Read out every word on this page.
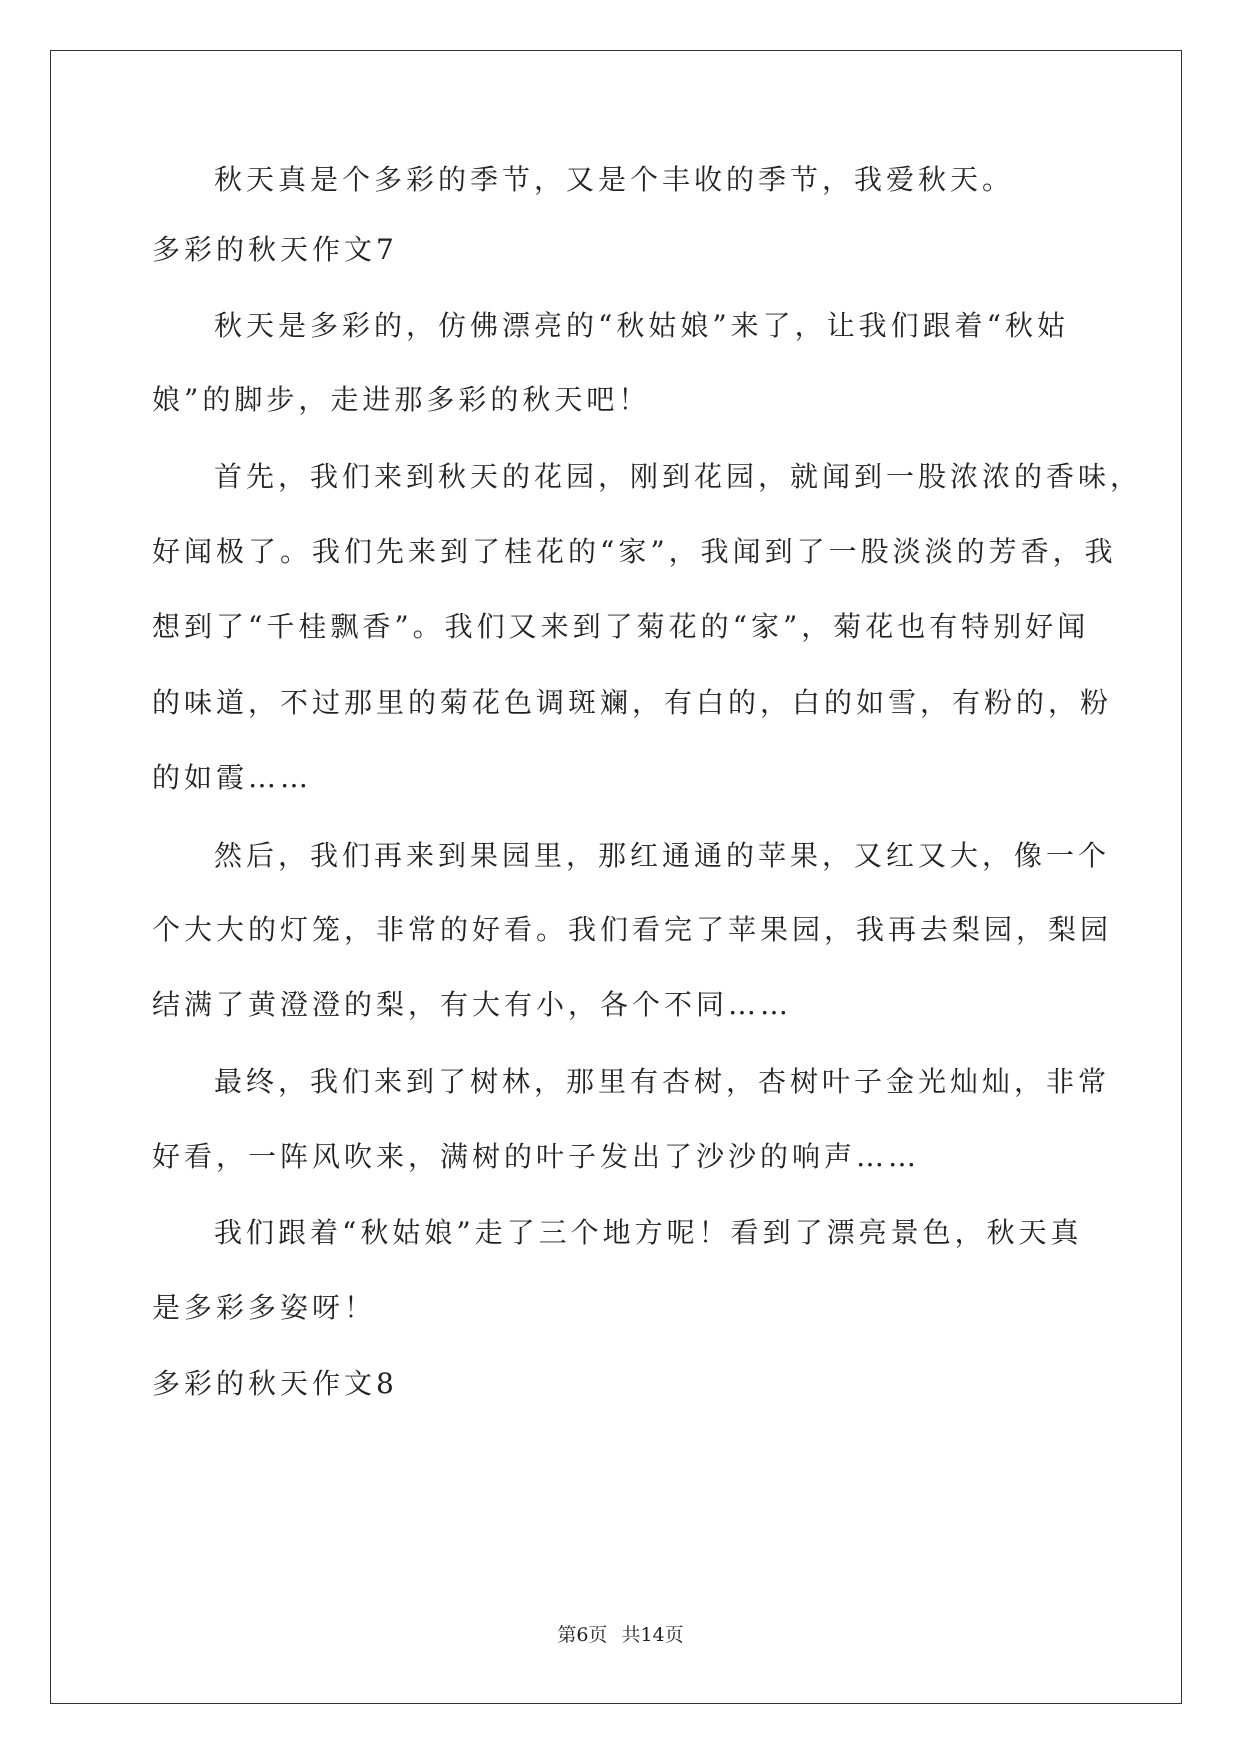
秋天真是个多彩的季节，又是个丰收的季节，我爱秋天。
多彩的秋天作文7
秋天是多彩的，仿佛漂亮的“秋姑娘”来了，让我们跟着“秋姑
娘”的脚步，走进那多彩的秋天吧！
首先，我们来到秋天的花园，刚到花园，就闻到一股浓浓的香味，
好闻极了。我们先来到了桂花的“家”，我闻到了一股淡淡的芳香，我
想到了“千桂飘香”。我们又来到了菊花的“家”，菊花也有特别好闻
的味道，不过那里的菊花色调斑斓，有白的，白的如雪，有粉的，粉
的如霞……
然后，我们再来到果园里，那红通通的苹果，又红又大，像一个
个大大的灯笼，非常的好看。我们看完了苹果园，我再去梨园，梨园
结满了黄澄澄的梨，有大有小，各个不同……
最终，我们来到了树林，那里有杏树，杏树叶子金光灿灿，非常
好看，一阵风吹来，满树的叶子发出了沙沙的响声……
我们跟着“秋姑娘”走了三个地方呢！看到了漂亮景色，秋天真
是多彩多姿呀！
多彩的秋天作文8
第6页 共14页
